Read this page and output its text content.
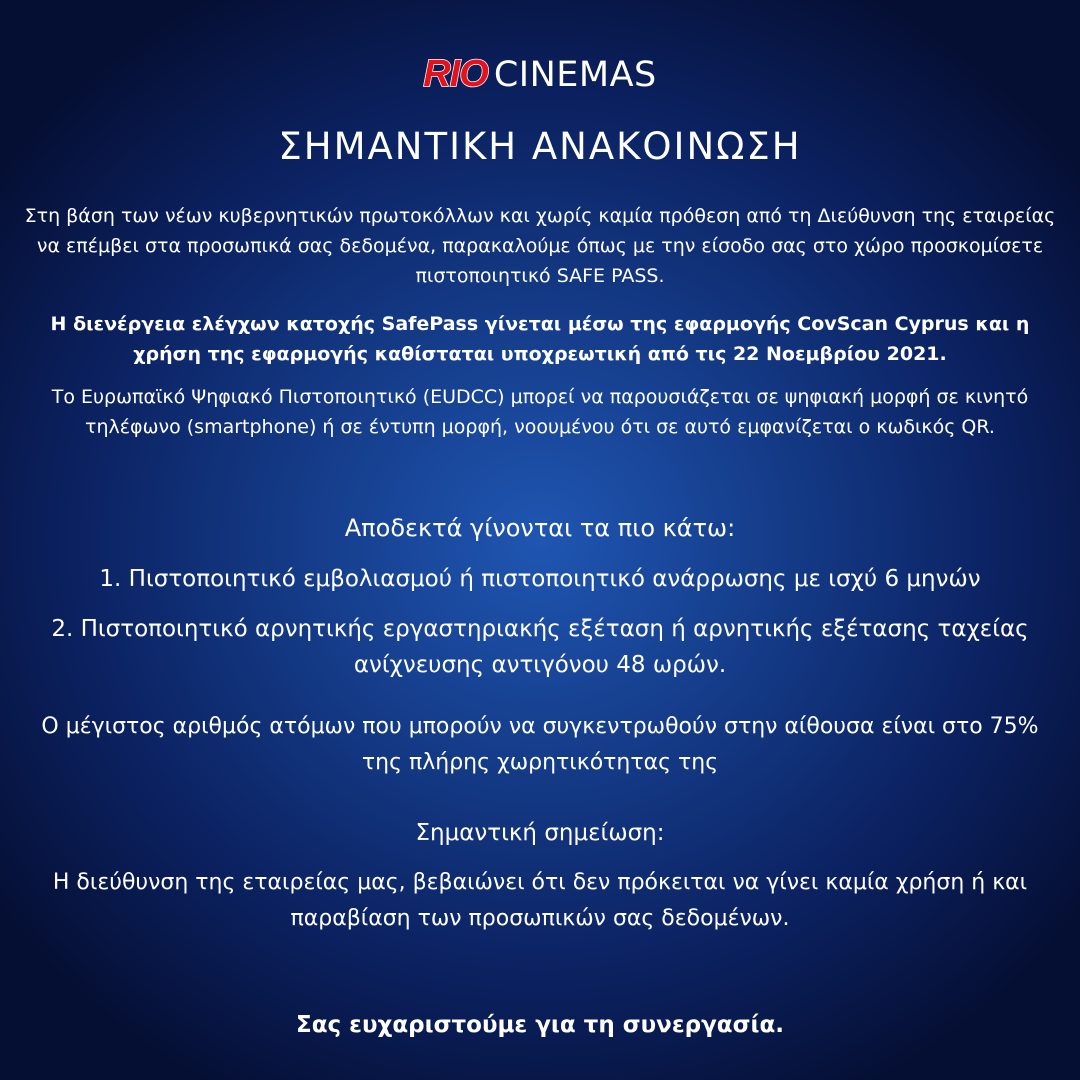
RIO CINEMAS
ΣΗΜΑΝΤΙΚΗ ΑΝΑΚΟΙΝΩΣΗ

Στη βάση των νέων κυβερνητικών πρωτοκόλλων και χωρίς καμία πρόθεση από τη Διεύθυνση της εταιρείας να επέμβει στα προσωπικά σας δεδομένα, παρακαλούμε όπως με την είσοδο σας στο χώρο προσκομίσετε πιστοποιητικό SAFE PASS.

Η διενέργεια ελέγχων κατοχής SafePass γίνεται μέσω της εφαρμογής CovScan Cyprus και η χρήση της εφαρμογής καθίσταται υποχρεωτική από τις 22 Νοεμβρίου 2021.

Το Ευρωπαϊκό Ψηφιακό Πιστοποιητικό (EUDCC) μπορεί να παρουσιάζεται σε ψηφιακή μορφή σε κινητό τηλέφωνο (smartphone) ή σε έντυπη μορφή, νοουμένου ότι σε αυτό εμφανίζεται ο κωδικός QR.

Αποδεκτά γίνονται τα πιο κάτω:

1. Πιστοποιητικό εμβολιασμού ή πιστοποιητικό ανάρρωσης με ισχύ 6 μηνών

2. Πιστοποιητικό αρνητικής εργαστηριακής εξέταση ή αρνητικής εξέτασης ταχείας ανίχνευσης αντιγόνου 48 ωρών.

Ο μέγιστος αριθμός ατόμων που μπορούν να συγκεντρωθούν στην αίθουσα είναι στο 75% της πλήρης χωρητικότητας της

Σημαντική σημείωση:

Η διεύθυνση της εταιρείας μας, βεβαιώνει ότι δεν πρόκειται να γίνει καμία χρήση ή και παραβίαση των προσωπικών σας δεδομένων.

Σας ευχαριστούμε για τη συνεργασία.
